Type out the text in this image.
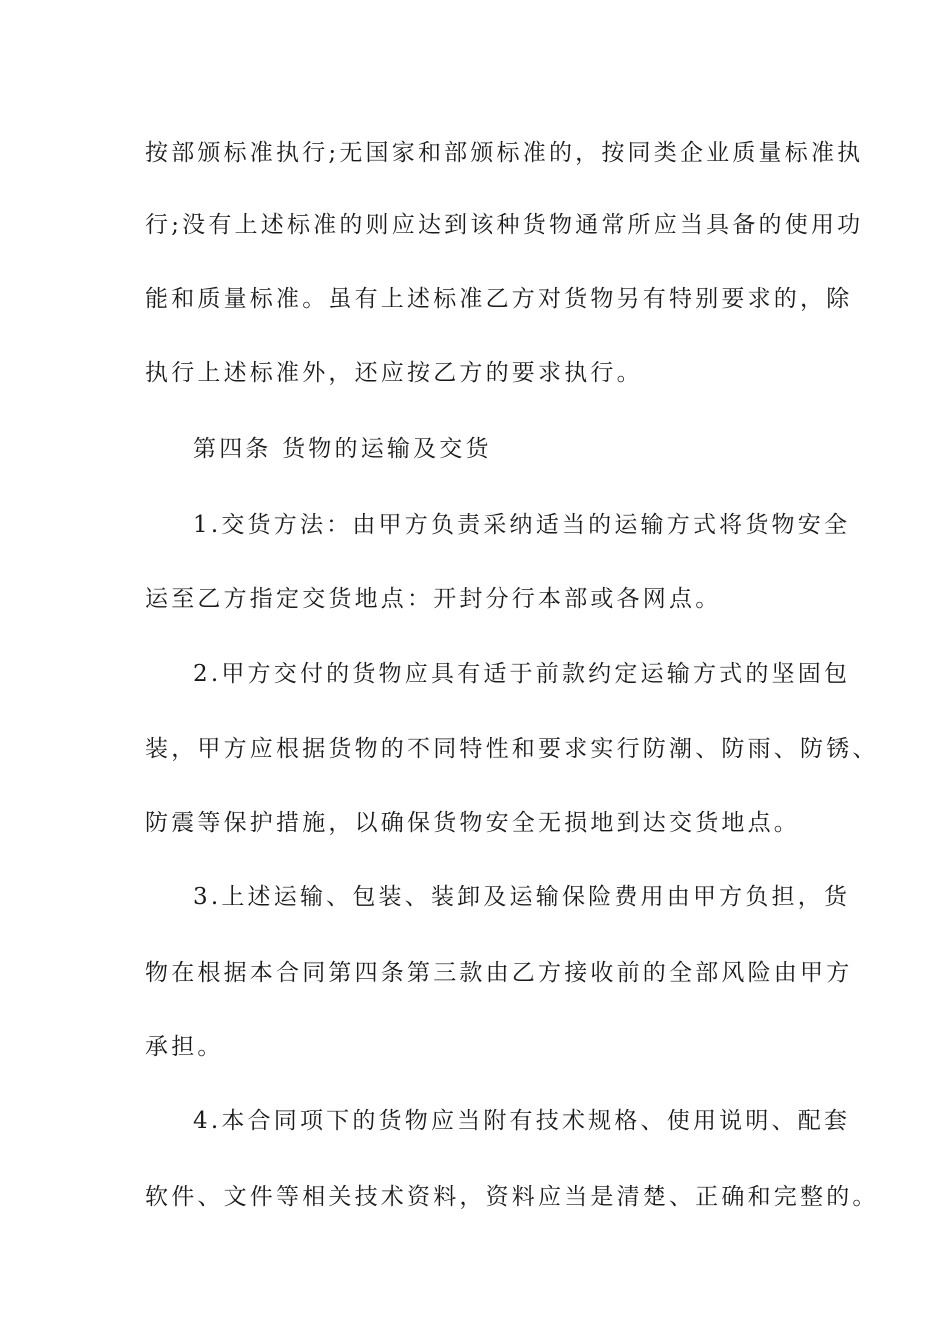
按部颁标准执行;无国家和部颁标准的，按同类企业质量标准执

行;没有上述标准的则应达到该种货物通常所应当具备的使用功

能和质量标准。虽有上述标准乙方对货物另有特别要求的，除

执行上述标准外，还应按乙方的要求执行。

第四条 货物的运输及交货

1.交货方法：由甲方负责采纳适当的运输方式将货物安全

运至乙方指定交货地点：开封分行本部或各网点。

2.甲方交付的货物应具有适于前款约定运输方式的坚固包

装，甲方应根据货物的不同特性和要求实行防潮、防雨、防锈、

防震等保护措施，以确保货物安全无损地到达交货地点。

3.上述运输、包装、装卸及运输保险费用由甲方负担，货

物在根据本合同第四条第三款由乙方接收前的全部风险由甲方

承担。

4.本合同项下的货物应当附有技术规格、使用说明、配套

软件、文件等相关技术资料，资料应当是清楚、正确和完整的。
